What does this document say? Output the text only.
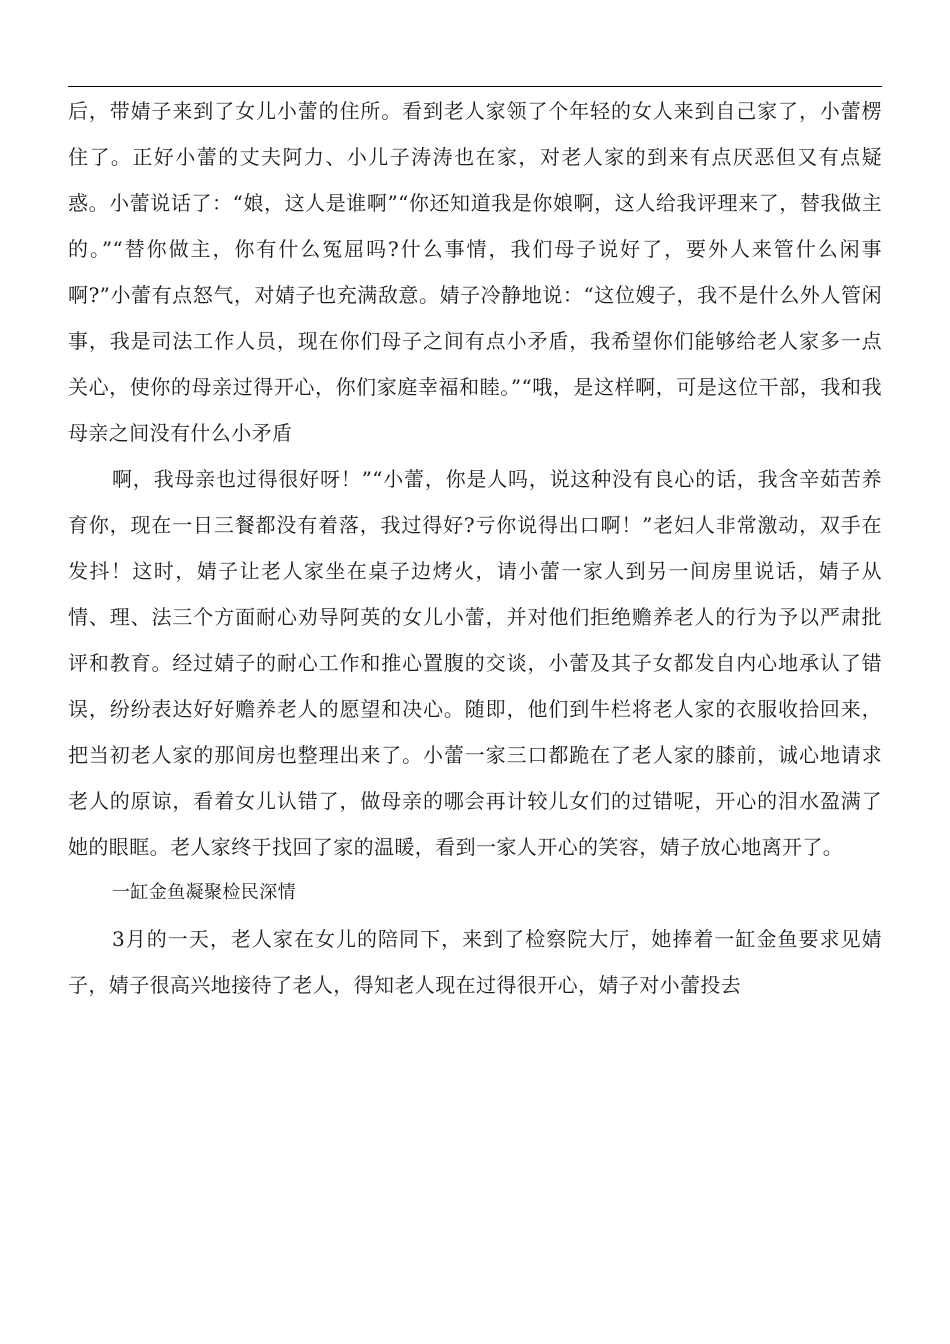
后，带婧子来到了女儿小蕾的住所。看到老人家领了个年轻的女人来到自己家了，小蕾楞住了。正好小蕾的丈夫阿力、小儿子涛涛也在家，对老人家的到来有点厌恶但又有点疑惑。小蕾说话了：“娘，这人是谁啊”“你还知道我是你娘啊，这人给我评理来了，替我做主的。”“替你做主，你有什么冤屈吗?什么事情，我们母子说好了，要外人来管什么闲事啊?”小蕾有点怒气，对婧子也充满敌意。婧子冷静地说：“这位嫂子，我不是什么外人管闲事，我是司法工作人员，现在你们母子之间有点小矛盾，我希望你们能够给老人家多一点关心，使你的母亲过得开心，你们家庭幸福和睦。”“哦，是这样啊，可是这位干部，我和我母亲之间没有什么小矛盾

啊，我母亲也过得很好呀！”“小蕾，你是人吗，说这种没有良心的话，我含辛茹苦养育你，现在一日三餐都没有着落，我过得好?亏你说得出口啊！”老妇人非常激动，双手在发抖！这时，婧子让老人家坐在桌子边烤火，请小蕾一家人到另一间房里说话，婧子从情、理、法三个方面耐心劝导阿英的女儿小蕾，并对他们拒绝赡养老人的行为予以严肃批评和教育。经过婧子的耐心工作和推心置腹的交谈，小蕾及其子女都发自内心地承认了错误，纷纷表达好好赡养老人的愿望和决心。随即，他们到牛栏将老人家的衣服收拾回来，把当初老人家的那间房也整理出来了。小蕾一家三口都跪在了老人家的膝前，诚心地请求老人的原谅，看着女儿认错了，做母亲的哪会再计较儿女们的过错呢，开心的泪水盈满了她的眼眶。老人家终于找回了家的温暖，看到一家人开心的笑容，婧子放心地离开了。

一缸金鱼凝聚检民深情

3月的一天，老人家在女儿的陪同下，来到了检察院大厅，她捧着一缸金鱼要求见婧子，婧子很高兴地接待了老人，得知老人现在过得很开心，婧子对小蕾投去
